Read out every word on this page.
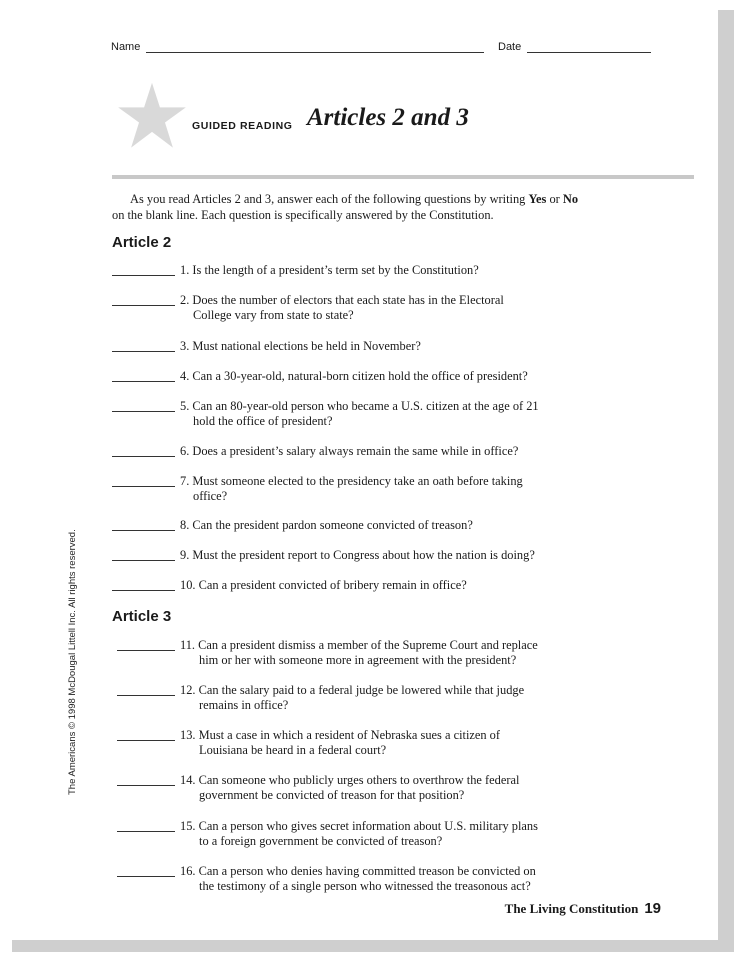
Name	Date
GUIDED READING Articles 2 and 3
As you read Articles 2 and 3, answer each of the following questions by writing Yes or No on the blank line. Each question is specifically answered by the Constitution.
Article 2
Article 3
1. Is the length of a president’s term set by the Constitution?
2. Does the number of electors that each state has in the Electoral
College vary from state to state?
3. Must national elections be held in November?
4. Can a 30-year-old, natural-born citizen hold the office of president?
5. Can an 80-year-old person who became a U.S. citizen at the age of 21
hold the office of president?
6. Does a president’s salary always remain the same while in office?
7. Must someone elected to the presidency take an oath before taking
office?
8. Can the president pardon someone convicted of treason?
9. Must the president report to Congress about how the nation is doing?
10. Can a president convicted of bribery remain in office?
11. Can a president dismiss a member of the Supreme Court and replace
him or her with someone more in agreement with the president?
12. Can the salary paid to a federal judge be lowered while that judge
remains in office?
13. Must a case in which a resident of Nebraska sues a citizen of
Louisiana be heard in a federal court?
14. Can someone who publicly urges others to overthrow the federal
government be convicted of treason for that position?
15. Can a person who gives secret information about U.S. military plans
to a foreign government be convicted of treason?
16. Can a person who denies having committed treason be convicted on
the testimony of a single person who witnessed the treasonous act?
The Americans © 1998 McDougal Littell Inc. All rights reserved.
The Living Constitution 19
